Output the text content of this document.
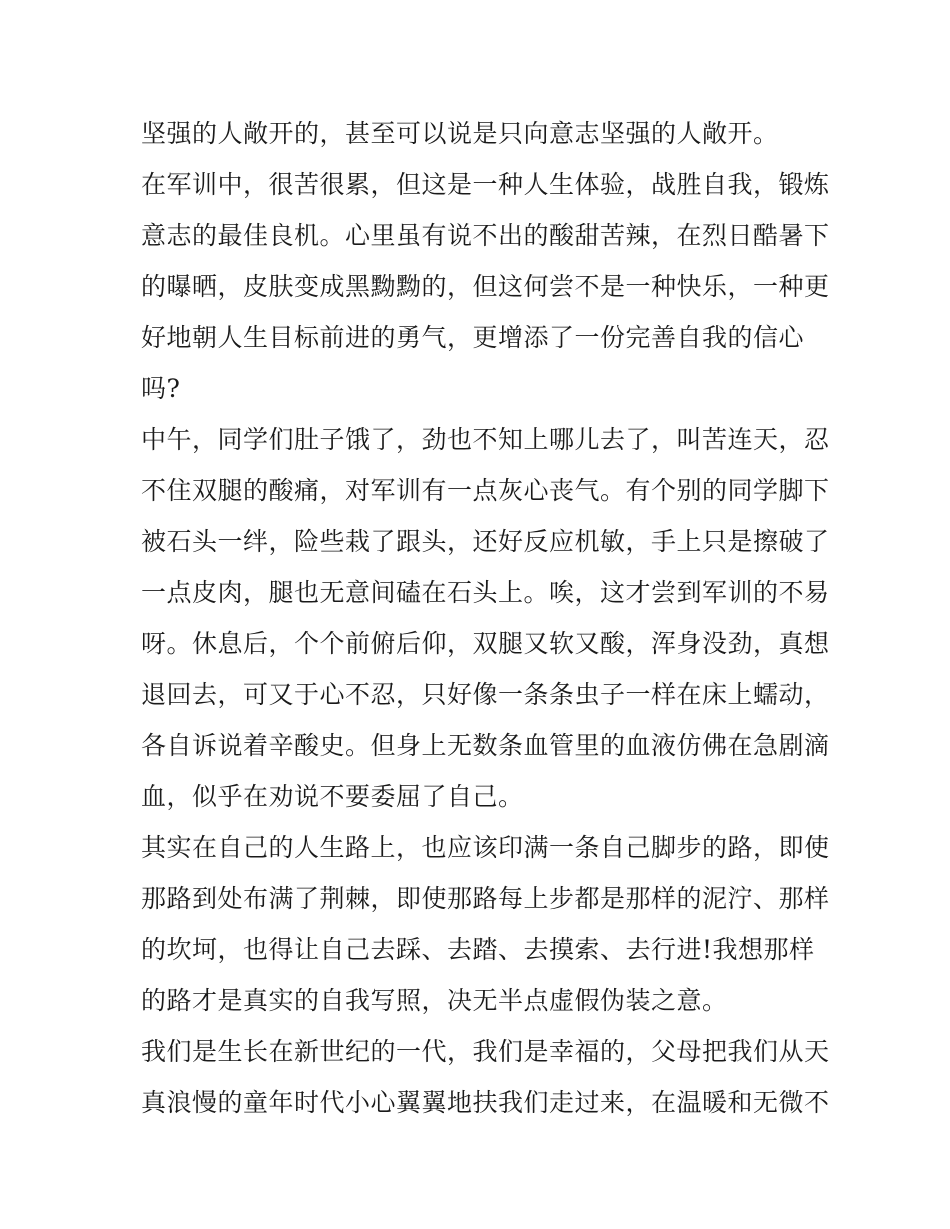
坚强的人敞开的，甚至可以说是只向意志坚强的人敞开。
在军训中，很苦很累，但这是一种人生体验，战胜自我，锻炼
意志的最佳良机。心里虽有说不出的酸甜苦辣，在烈日酷暑下
的曝晒，皮肤变成黑黝黝的，但这何尝不是一种快乐，一种更
好地朝人生目标前进的勇气，更增添了一份完善自我的信心
吗?
中午，同学们肚子饿了，劲也不知上哪儿去了，叫苦连天，忍
不住双腿的酸痛，对军训有一点灰心丧气。有个别的同学脚下
被石头一绊，险些栽了跟头，还好反应机敏，手上只是擦破了
一点皮肉，腿也无意间磕在石头上。唉，这才尝到军训的不易
呀。休息后，个个前俯后仰，双腿又软又酸，浑身没劲，真想
退回去，可又于心不忍，只好像一条条虫子一样在床上蠕动，
各自诉说着辛酸史。但身上无数条血管里的血液仿佛在急剧滴
血，似乎在劝说不要委屈了自己。
其实在自己的人生路上，也应该印满一条自己脚步的路，即使
那路到处布满了荆棘，即使那路每上步都是那样的泥泞、那样
的坎坷，也得让自己去踩、去踏、去摸索、去行进!我想那样
的路才是真实的自我写照，决无半点虚假伪装之意。
我们是生长在新世纪的一代，我们是幸福的，父母把我们从天
真浪慢的童年时代小心翼翼地扶我们走过来，在温暖和无微不
